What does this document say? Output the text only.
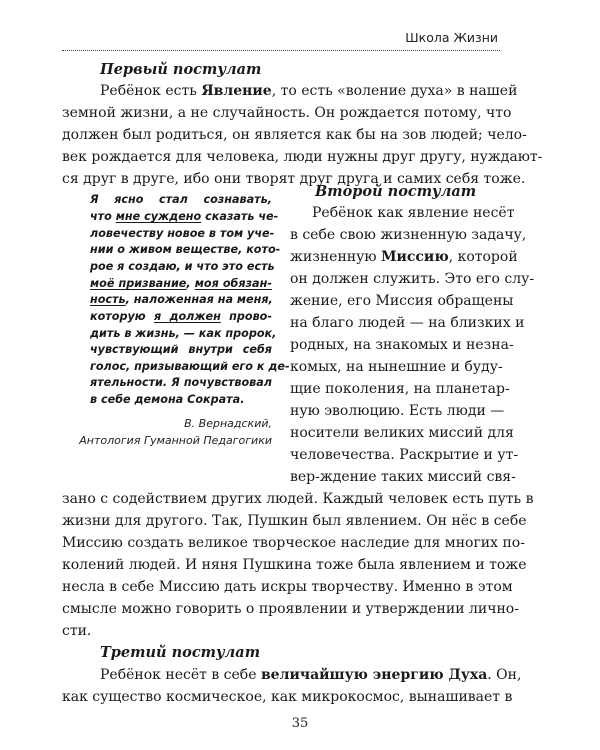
Школа Жизни
Первый постулат
Ребёнок есть Явление, то есть «воление духа» в нашей
земной жизни, а не случайность. Он рождается потому, что
должен был родиться, он является как бы на зов людей; чело-
век рождается для человека, люди нужны друг другу, нуждают-
ся друг в друге, ибо они творят друг друга и самих себя тоже.
Я ясно стал сознавать,
что мне суждено сказать че-
ловечеству новое в том уче-
нии о живом веществе, кото-
рое я создаю, и что это есть
моё призвание, моя обязан-
ность, наложенная на меня,
которую я должен прово-
дить в жизнь, — как пророк,
чувствующий внутри себя
голос, призывающий его к де-
ятельности. Я почувствовал
в себе демона Сократа.
В. Вернадский,
Антология Гуманной Педагогики
Второй постулат
Ребёнок как явление несёт
в себе свою жизненную задачу,
жизненную Миссию, которой
он должен служить. Это его слу-
жение, его Миссия обращены
на благо людей — на близких и
родных, на знакомых и незна-
комых, на нынешние и буду-
щие поколения, на планетар-
ную эволюцию. Есть люди —
носители великих миссий для
человечества. Раскрытие и ут-
вер-ждение таких миссий свя-
зано с содействием других людей. Каждый человек есть путь в
жизни для другого. Так, Пушкин был явлением. Он нёс в себе
Миссию создать великое творческое наследие для многих по-
колений людей. И няня Пушкина тоже была явлением и тоже
несла в себе Миссию дать искры творчеству. Именно в этом
смысле можно говорить о проявлении и утверждении лично-
сти.
Третий постулат
Ребёнок несёт в себе величайшую энергию Духа. Он,
как существо космическое, как микрокосмос, вынашивает в
35
